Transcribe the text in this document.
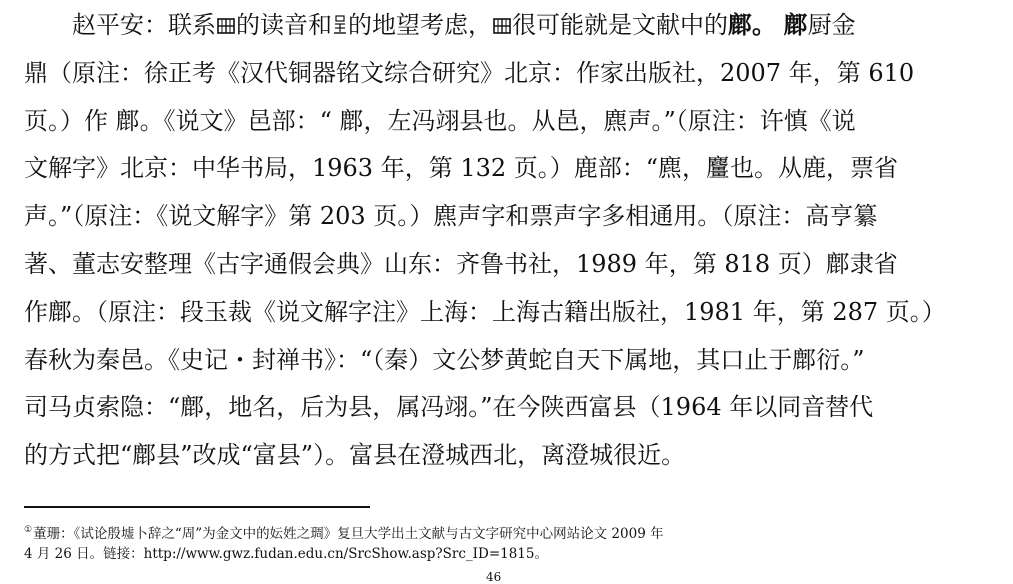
赵平安：联系 的读音和 的地望考虑， 很可能就是文献中的鄜。 鄜厨金
鼎（原注：徐正考《汉代铜器铭文综合研究》北京：作家出版社，2007 年，第 610
页。）作 鄜。《说文》邑部：“ 鄜，左冯翊县也。从邑，麃声。”（原注：许慎《说
文解字》北京：中华书局，1963 年，第 132 页。）鹿部：“麃，麠也。从鹿，票省
声。”（原注：《说文解字》第 203 页。）麃声字和票声字多相通用。（原注：高亨纂
著、董志安整理《古字通假会典》山东：齐鲁书社，1989 年，第 818 页）鄜隶省
作鄜。（原注：段玉裁《说文解字注》上海：上海古籍出版社，1981 年，第 287 页。）
春秋为秦邑。《史记・封禅书》：“（秦）文公梦黄蛇自天下属地，其口止于鄜衍。”
司马贞索隐：“鄜，地名，后为县，属冯翊。”在今陕西富县（1964 年以同音替代
的方式把“鄜县”改成“富县”）。富县在澄城西北，离澄城很近。
①董珊：《试论殷墟卜辞之“周”为金文中的妘姓之琱》复旦大学出土文献与古文字研究中心网站论文 2009 年
4 月 26 日。链接：http://www.gwz.fudan.edu.cn/SrcShow.asp?Src_ID=1815。
46
